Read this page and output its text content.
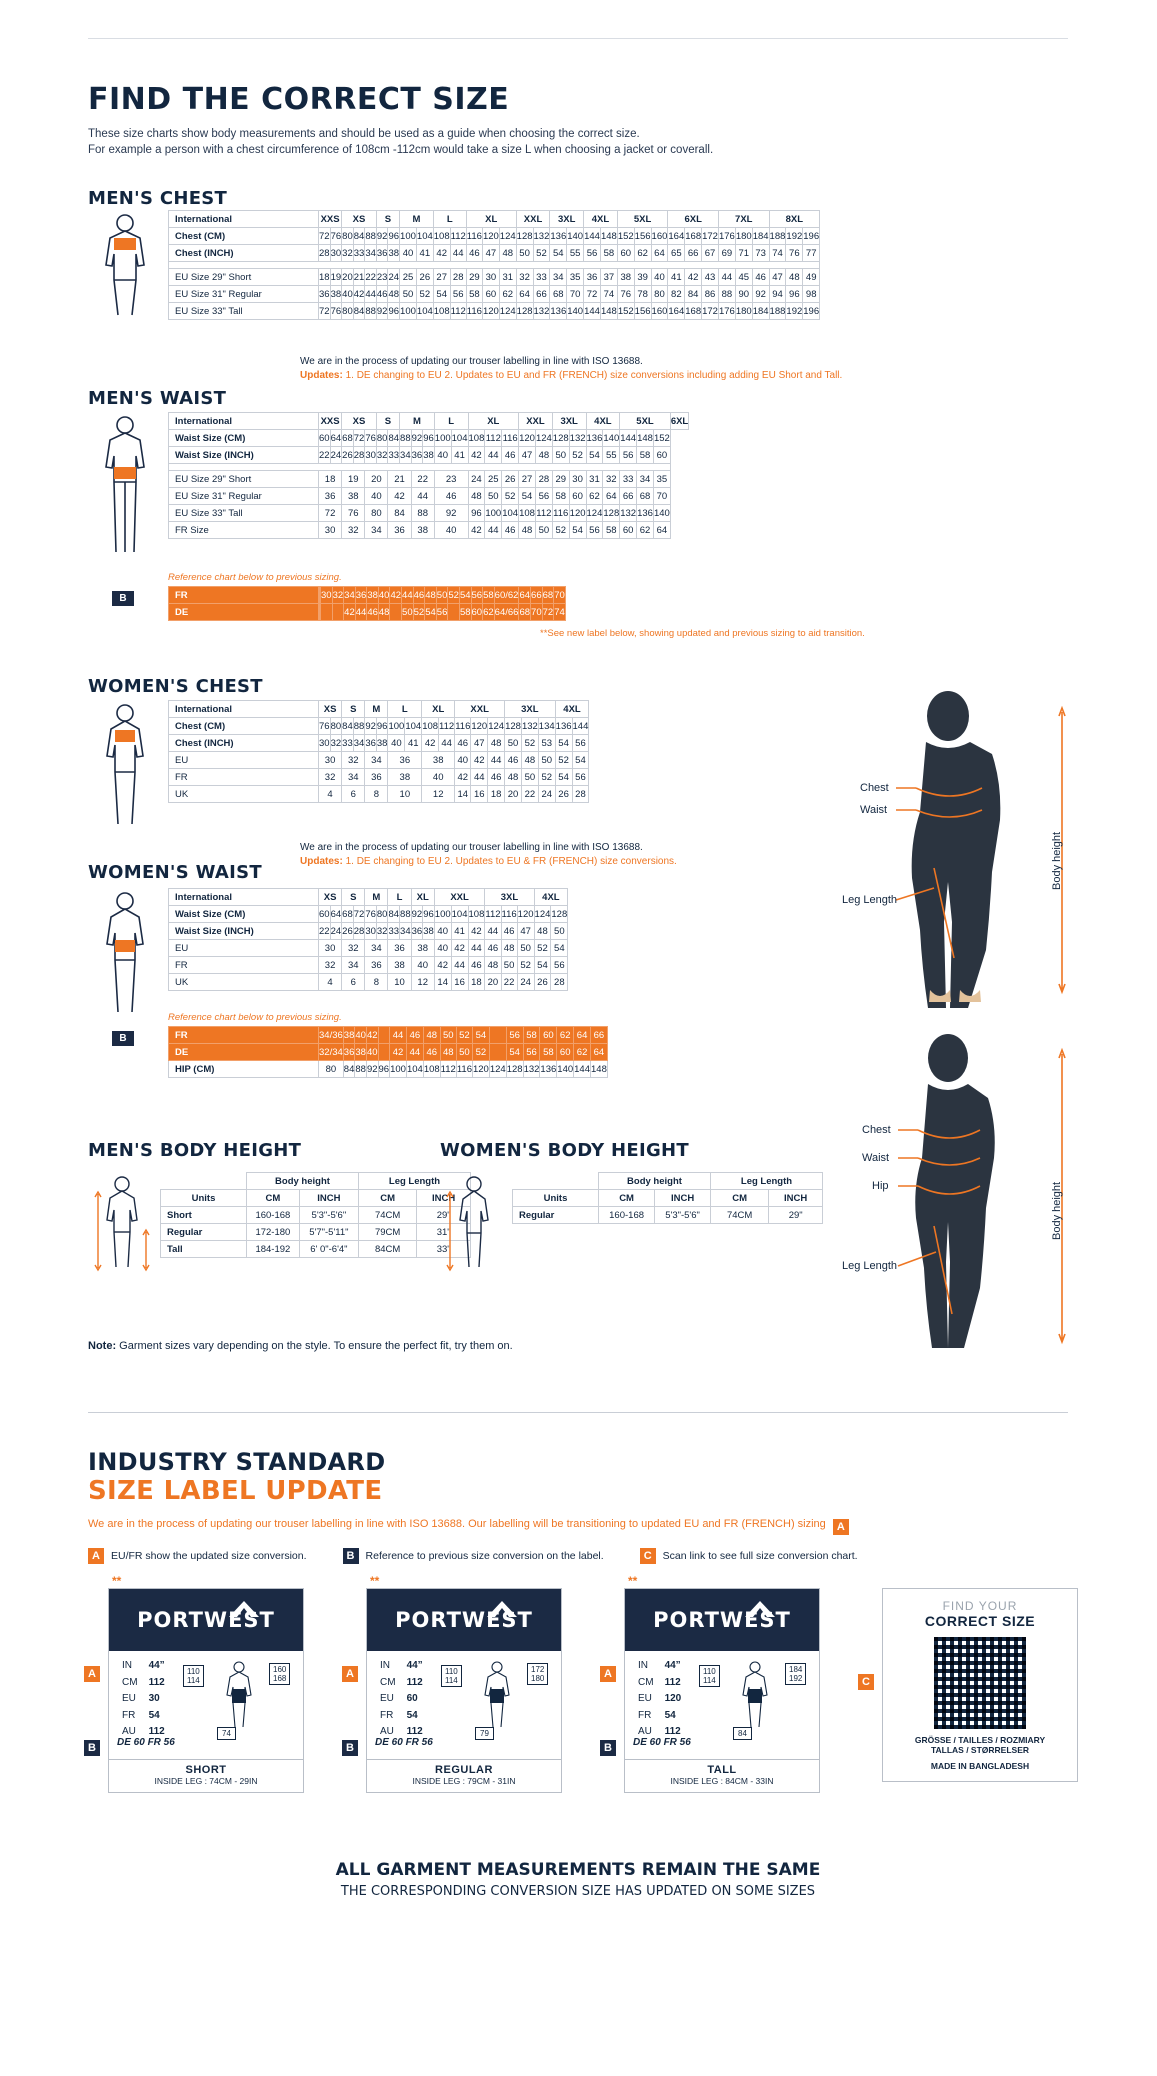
FIND THE CORRECT SIZE
These size charts show body measurements and should be used as a guide when choosing the correct size.
For example a person with a chest circumference of 108cm -112cm would take a size L when choosing a jacket or coverall.
MEN'S CHEST
International	XXS		XS			S		M		L		XL			XXL		3XL		4XL		5XL			6XL			7XL			8XL		
Chest (CM)	72	76	80	84	88	92	96	100	104	108	112	116	120	124	128	132	136	140	144	148	152	156	160	164	168	172	176	180	184	188	192	196
Chest (INCH)	28	30	32	33	34	36	38	40	41	42	44	46	47	48	50	52	54	55	56	58	60	62	64	65	66	67	69	71	73	74	76	77

EU Size 29" Short	18	19	20	21	22	23	24	25	26	27	28	29	30	31	32	33	34	35	36	37	38	39	40	41	42	43	44	45	46	47	48	49
EU Size 31" Regular	36	38	40	42	44	46	48	50	52	54	56	58	60	62	64	66	68	70	72	74	76	78	80	82	84	86	88	90	92	94	96	98
EU Size 33" Tall	72	76	80	84	88	92	96	100	104	108	112	116	120	124	128	132	136	140	144	148	152	156	160	164	168	172	176	180	184	188	192	196
We are in the process of updating our trouser labelling in line with ISO 13688.
Updates: 1. DE changing to EU 2. Updates to EU and FR (FRENCH) size conversions including adding EU Short and Tall.
MEN'S WAIST
International	XXS		XS			S		M			L		XL			XXL		3XL		4XL		5XL			6XL
Waist Size (CM)	60	64	68	72	76	80	84	88	92	96	100	104	108	112	116	120	124	128	132	136	140	144	148	152	
Waist Size (INCH)	22	24	26	28	30	32	33	34	36	38	40	41	42	44	46	47	48	50	52	54	55	56	58	60	

EU Size 29" Short	18		19		20		21		22		23		24	25	26	27	28	29	30	31	32	33	34	35	
EU Size 31" Regular	36		38		40		42		44		46		48	50	52	54	56	58	60	62	64	66	68	70	
EU Size 33" Tall	72		76		80		84		88		92		96	100	104	108	112	116	120	124	128	132	136	140	
FR Size	30		32		34		36		38		40		42	44	46	48	50	52	54	56	58	60	62	64	
Reference chart below to previous sizing.
B	FR			30	32	34	36	38	40	42	44	46	48	50	52	54	56	58	60/62	64	66	68	70
DE					42	44	46	48		50	52	54	56		58	60	62	64/66	68	70	72	74
**See new label below, showing updated and previous sizing to aid transition.
WOMEN'S CHEST
International	XS		S		M		L		XL		XXL			3XL			4XL	
Chest (CM)	76	80	84	88	92	96	100	104	108	112	116	120	124	128	132	134	136	144
Chest (INCH)	30	32	33	34	36	38	40	41	42	44	46	47	48	50	52	53	54	56
EU	30		32		34		36		38		40	42	44	46	48	50	52	54
FR	32		34		36		38		40		42	44	46	48	50	52	54	56
UK	4		6		8		10		12		14	16	18	20	22	24	26	28
We are in the process of updating our trouser labelling in line with ISO 13688.
Updates: 1. DE changing to EU 2. Updates to EU & FR (FRENCH) size conversions.
WOMEN'S WAIST
International	XS		S		M		L		XL		XXL			3XL			4XL	
Waist Size (CM)	60	64	68	72	76	80	84	88	92	96	100	104	108	112	116	120	124	128
Waist Size (INCH)	22	24	26	28	30	32	33	34	36	38	40	41	42	44	46	47	48	50
EU	30		32		34		36		38		40	42	44	46	48	50	52	54
FR	32		34		36		38		40		42	44	46	48	50	52	54	56
UK	4		6		8		10		12		14	16	18	20	22	24	26	28
Reference chart below to previous sizing.
B	FR	34/36	38	40	42		44	46	48	50	52	54		56	58	60	62	64	66
DE	32/34	36	38	40		42	44	46	48	50	52		54	56	58	60	62	64
HIP (CM)	80	84	88	92	96	100	104	108	112	116	120	124	128	132	136	140	144	148
MEN'S BODY HEIGHT
	Body height		Leg Length	
Units	CM	INCH	CM	INCH
Short	160-168	5'3"-5'6"	74CM	29"
Regular	172-180	5'7"-5'11"	79CM	31"
Tall	184-192	6' 0"-6'4"	84CM	33"
WOMEN'S BODY HEIGHT
	Body height		Leg Length	
Units	CM	INCH	CM	INCH
Regular	160-168	5'3"-5'6"	74CM	29"
Chest
Waist
Leg Length
Body height
Chest
Waist
Hip
Leg Length
Body height
Note: Garment sizes vary depending on the style. To ensure the perfect fit, try them on.
INDUSTRY STANDARD
SIZE LABEL UPDATE
We are in the process of updating our trouser labelling in line with ISO 13688. Our labelling will be transitioning to updated EU and FR (FRENCH) sizing A
A	EU/FR show the updated size conversion.	B	Reference to previous size conversion on the label.	C	Scan link to see full size conversion chart.
**
PORTWEST
IN	44”
CM	112
EU	30
FR	54
AU	112
110
114
160
168
74
DE 60 FR 56
SHORT
INSIDE LEG : 74CM - 29IN
A
B
**
PORTWEST
IN	44”
CM	112
EU	60
FR	54
AU	112
110
114
172
180
79
DE 60 FR 56
REGULAR
INSIDE LEG : 79CM - 31IN
A
B
**
PORTWEST
IN	44”
CM	112
EU	120
FR	54
AU	112
110
114
184
192
84
DE 60 FR 56
TALL
INSIDE LEG : 84CM - 33IN
A
B
FIND YOUR
CORRECT SIZE
GRÖSSE / TAILLES / ROZMIARY
TALLAS / STØRRELSER
MADE IN BANGLADESH
C
ALL GARMENT MEASUREMENTS REMAIN THE SAME
THE CORRESPONDING CONVERSION SIZE HAS UPDATED ON SOME SIZES
